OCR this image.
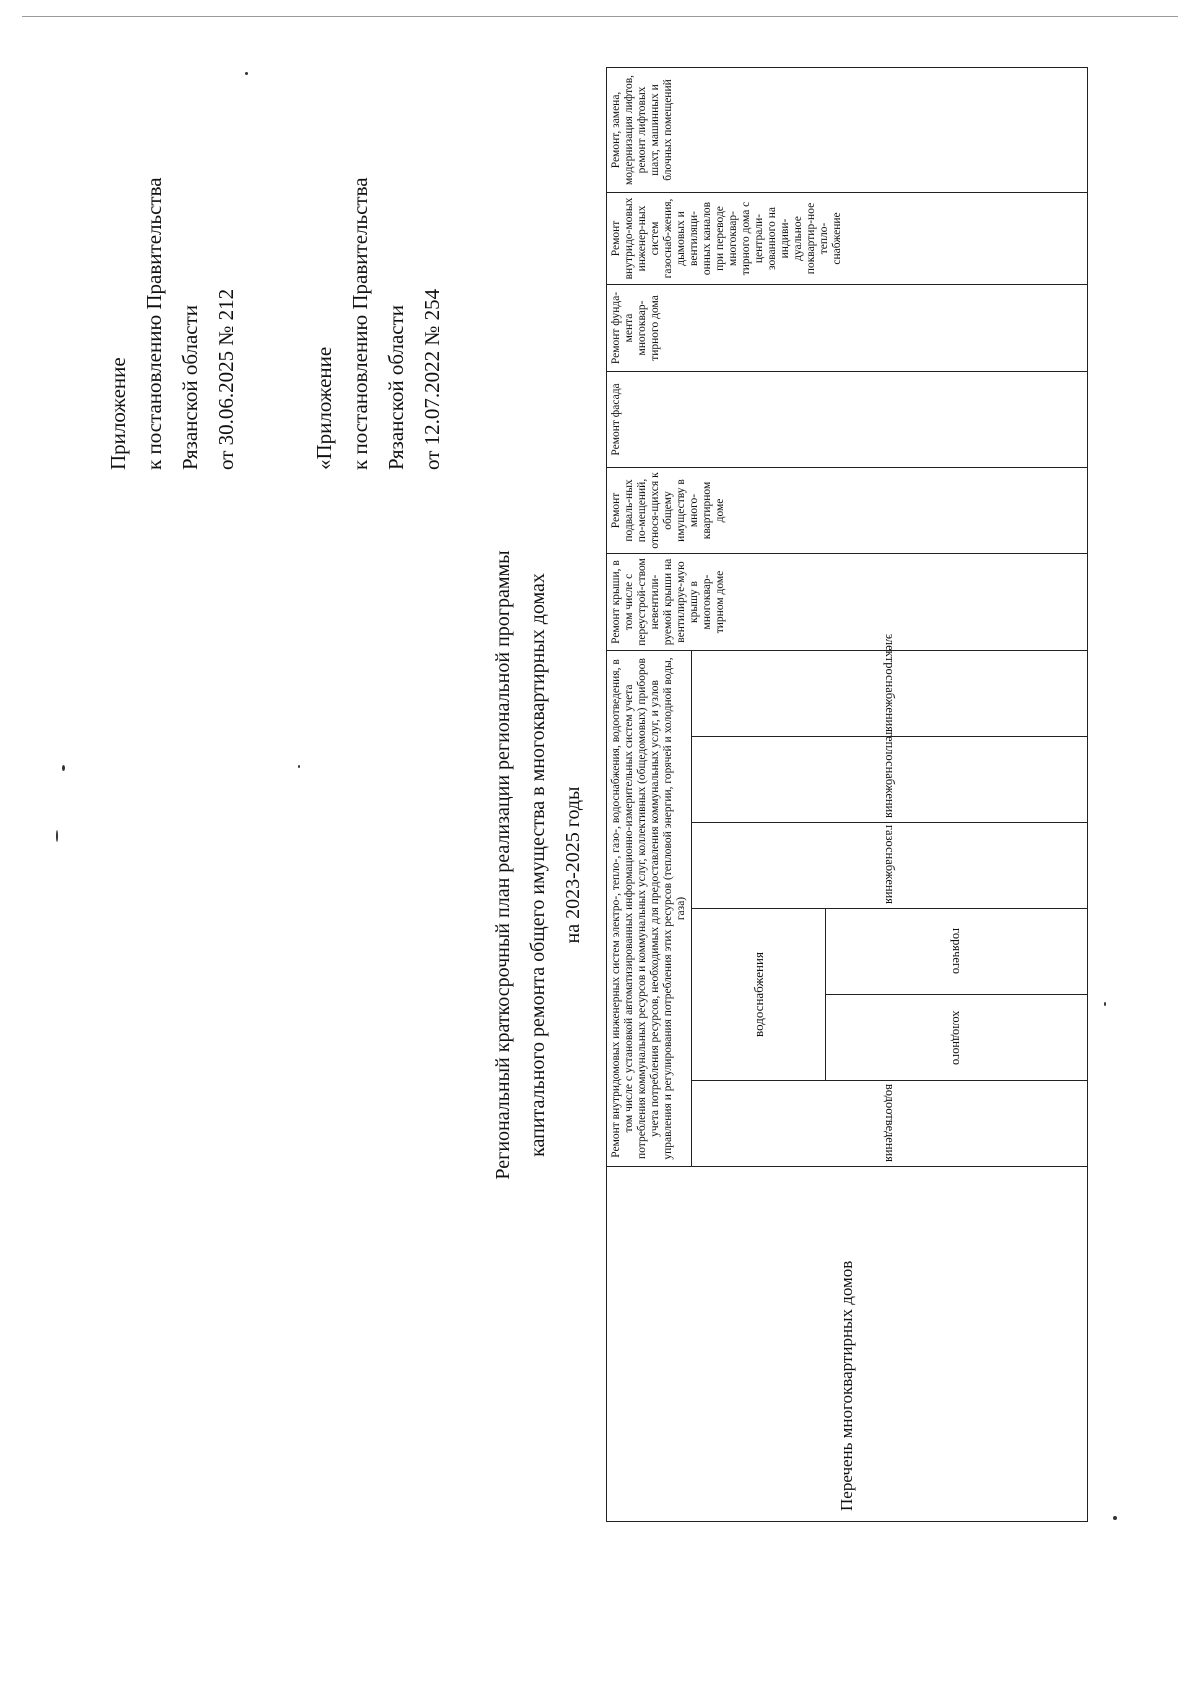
Приложение к постановлению Правительства Рязанской области от 30.06.2025 № 212	«Приложение к постановлению Правительства Рязанской области от 12.07.2022 № 254
Региональный краткосрочный план реализации региональной программы капитального ремонта общего имущества в многоквартирных домах на 2023-2025 годы
Перечень многоквартирных домов	Ремонт внутридомовых инженерных систем электро-, тепло-, газо-, водоснабжения, водоотведения, в том числе с установкой автоматизированных информационно-измерительных систем учета потребления коммунальных ресурсов и коммунальных услуг, коллективных (общедомовых) приборов учета потребления ресурсов, необходимых для предоставления коммунальных услуг, и узлов управления и регулирования потребления этих ресурсов (тепловой энергии, горячей и холодной воды, газа)						Ремонт крыши, в том числе с переустрой-ством невентили-руемой крыши на вентилируе-мую крышу в многоквар-тирном доме	Ремонт подваль-ных по-мещений, относя-щихся к общему имуществу в много-квартирном доме	Ремонт фасада	Ремонт фунда-мента многоквар-тирного дома	Ремонт внутридо-мовых инженер-ных систем газоснаб-жения, дымовых и вентиляци-онных каналов при переводе многоквар-тирного дома с централи-зованного на индиви-дуальное поквартир-ное тепло-снабжение	Ремонт, замена, модернизация лифтов, ремонт лифтовых шахт, машинных и блочных помещений
	водоотведения	водоснабжения		газоснабжения	теплоснабжения	электроснабжения						
		холодного	горячего									
